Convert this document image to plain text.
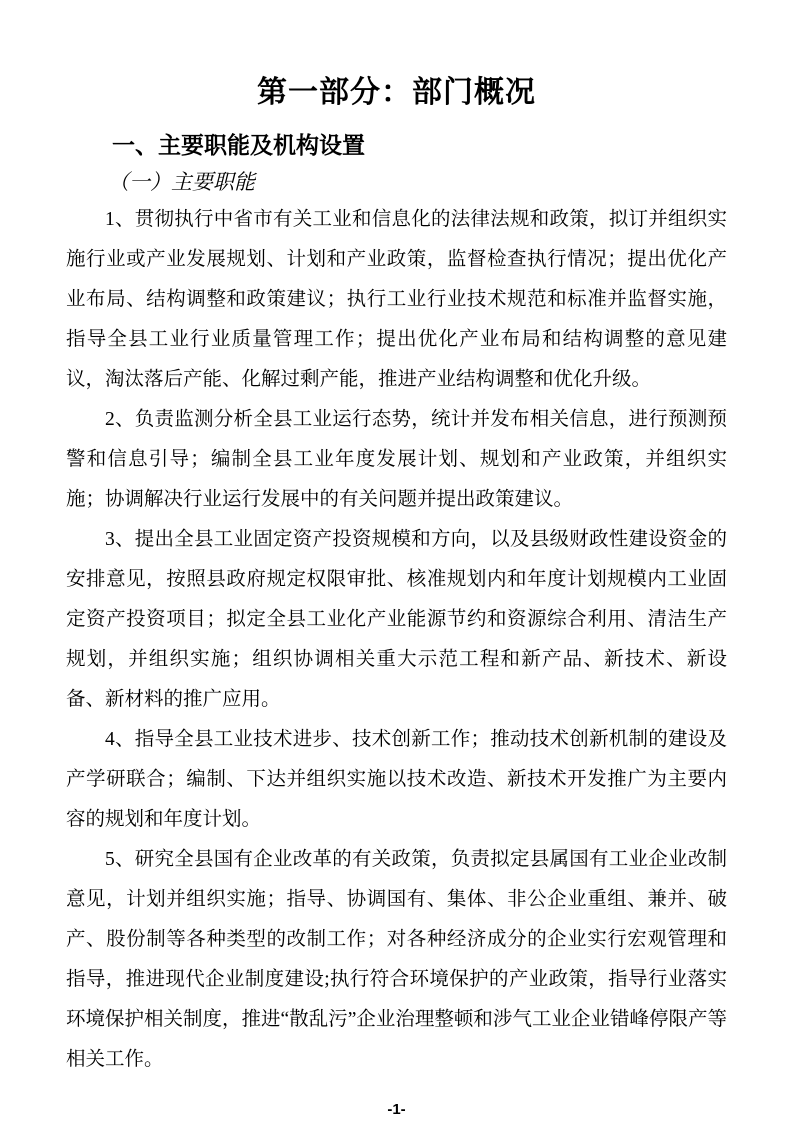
第一部分：部门概况
一、主要职能及机构设置
（一）主要职能

1、贯彻执行中省市有关工业和信息化的法律法规和政策，拟订并组织实施行业或产业发展规划、计划和产业政策，监督检查执行情况；提出优化产业布局、结构调整和政策建议；执行工业行业技术规范和标准并监督实施，指导全县工业行业质量管理工作；提出优化产业布局和结构调整的意见建议，淘汰落后产能、化解过剩产能，推进产业结构调整和优化升级。

2、负责监测分析全县工业运行态势，统计并发布相关信息，进行预测预警和信息引导；编制全县工业年度发展计划、规划和产业政策，并组织实施；协调解决行业运行发展中的有关问题并提出政策建议。

3、提出全县工业固定资产投资规模和方向，以及县级财政性建设资金的安排意见，按照县政府规定权限审批、核准规划内和年度计划规模内工业固定资产投资项目；拟定全县工业化产业能源节约和资源综合利用、清洁生产规划，并组织实施；组织协调相关重大示范工程和新产品、新技术、新设备、新材料的推广应用。

4、指导全县工业技术进步、技术创新工作；推动技术创新机制的建设及产学研联合；编制、下达并组织实施以技术改造、新技术开发推广为主要内容的规划和年度计划。

5、研究全县国有企业改革的有关政策，负责拟定县属国有工业企业改制意见，计划并组织实施；指导、协调国有、集体、非公企业重组、兼并、破产、股份制等各种类型的改制工作；对各种经济成分的企业实行宏观管理和指导，推进现代企业制度建设;执行符合环境保护的产业政策，指导行业落实环境保护相关制度，推进“散乱污”企业治理整顿和涉气工业企业错峰停限产等相关工作。

-1-
